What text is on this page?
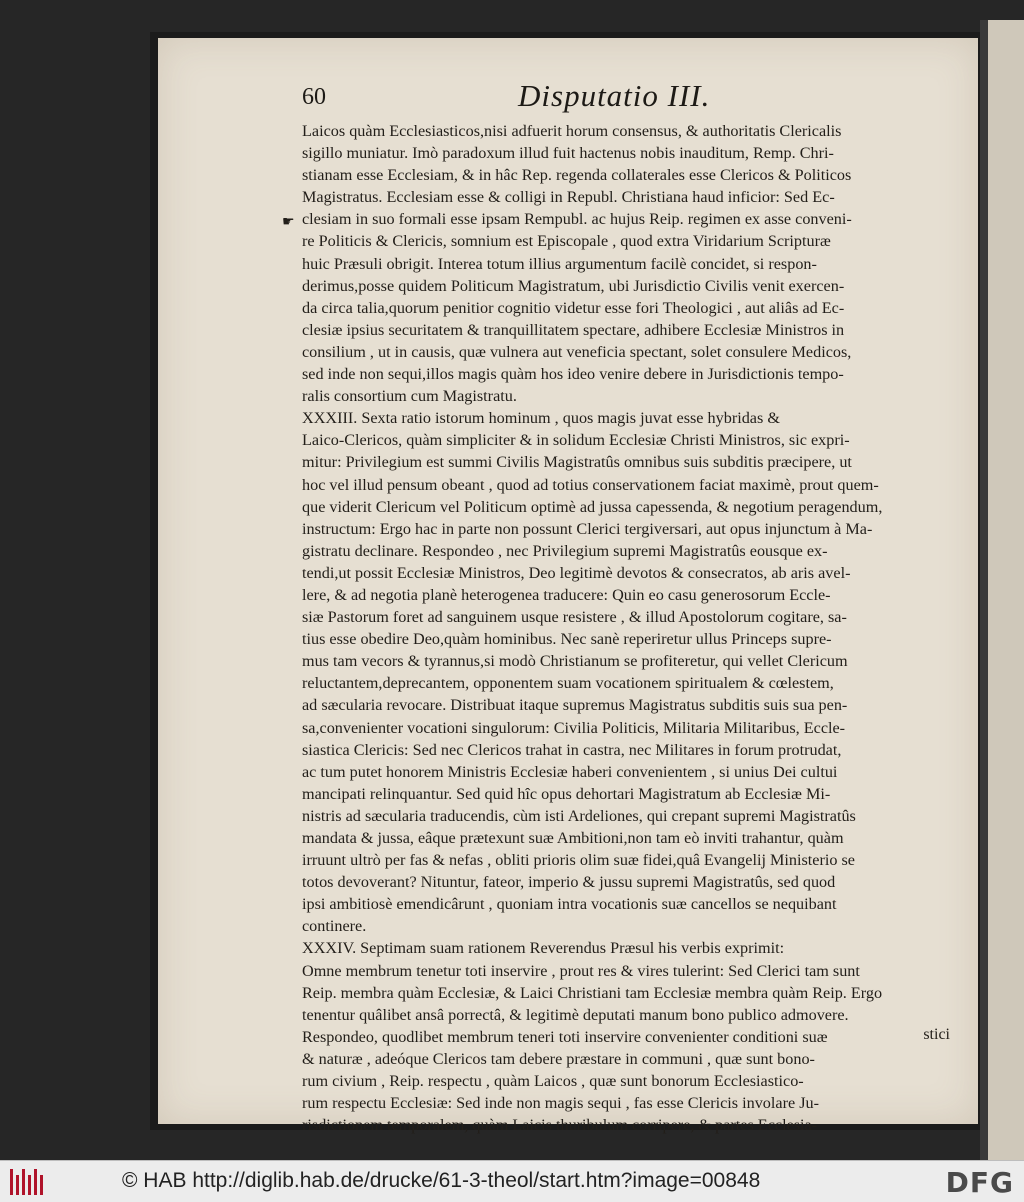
60	Disputatio III.
☛
Laicos quàm Ecclesiasticos,nisi adfuerit horum consensus, & authoritatis Clericalis
sigillo muniatur. Imò paradoxum illud fuit hactenus nobis inauditum, Remp. Chri-
stianam esse Ecclesiam, & in hâc Rep. regenda collaterales esse Clericos & Politicos
Magistratus. Ecclesiam esse & colligi in Republ. Christiana haud inficior: Sed Ec-
clesiam in suo formali esse ipsam Rempubl. ac hujus Reip. regimen ex asse conveni-
re Politicis & Clericis, somnium est Episcopale , quod extra Viridarium Scripturæ
huic Præsuli obrigit. Interea totum illius argumentum facilè concidet, si respon-
derimus,posse quidem Politicum Magistratum, ubi Jurisdictio Civilis venit exercen-
da circa talia,quorum penitior cognitio videtur esse fori Theologici , aut aliâs ad Ec-
clesiæ ipsius securitatem & tranquillitatem spectare, adhibere Ecclesiæ Ministros in
consilium , ut in causis, quæ vulnera aut veneficia spectant, solet consulere Medicos,
sed inde non sequi,illos magis quàm hos ideo venire debere in Jurisdictionis tempo-
ralis consortium cum Magistratu.
XXXIII. Sexta ratio istorum hominum , quos magis juvat esse hybridas &
Laico-Clericos, quàm simpliciter & in solidum Ecclesiæ Christi Ministros, sic expri-
mitur: Privilegium est summi Civilis Magistratûs omnibus suis subditis præcipere, ut
hoc vel illud pensum obeant , quod ad totius conservationem faciat maximè, prout quem-
que viderit Clericum vel Politicum optimè ad jussa capessenda, & negotium peragendum,
instructum: Ergo hac in parte non possunt Clerici tergiversari, aut opus injunctum à Ma-
gistratu declinare. Respondeo , nec Privilegium supremi Magistratûs eousque ex-
tendi,ut possit Ecclesiæ Ministros, Deo legitimè devotos & consecratos, ab aris avel-
lere, & ad negotia planè heterogenea traducere: Quin eo casu generosorum Eccle-
siæ Pastorum foret ad sanguinem usque resistere , & illud Apostolorum cogitare, sa-
tius esse obedire Deo,quàm hominibus. Nec sanè reperiretur ullus Princeps supre-
mus tam vecors & tyrannus,si modò Christianum se profiteretur, qui vellet Clericum
reluctantem,deprecantem, opponentem suam vocationem spiritualem & cœlestem,
ad sæcularia revocare. Distribuat itaque supremus Magistratus subditis suis sua pen-
sa,convenienter vocationi singulorum: Civilia Politicis, Militaria Militaribus, Eccle-
siastica Clericis: Sed nec Clericos trahat in castra, nec Militares in forum protrudat,
ac tum putet honorem Ministris Ecclesiæ haberi convenientem , si unius Dei cultui
mancipati relinquantur. Sed quid hîc opus dehortari Magistratum ab Ecclesiæ Mi-
nistris ad sæcularia traducendis, cùm isti Ardeliones, qui crepant supremi Magistratûs
mandata & jussa, eâque prætexunt suæ Ambitioni,non tam eò inviti trahantur, quàm
irruunt ultrò per fas & nefas , obliti prioris olim suæ fidei,quâ Evangelij Ministerio se
totos devoverant? Nituntur, fateor, imperio & jussu supremi Magistratûs, sed quod
ipsi ambitiosè emendicârunt , quoniam intra vocationis suæ cancellos se nequibant
continere.
XXXIV. Septimam suam rationem Reverendus Præsul his verbis exprimit:
Omne membrum tenetur toti inservire , prout res & vires tulerint: Sed Clerici tam sunt
Reip. membra quàm Ecclesiæ, & Laici Christiani tam Ecclesiæ membra quàm Reip. Ergo
tenentur quâlibet ansâ porrectâ, & legitimè deputati manum bono publico admovere.
Respondeo, quodlibet membrum teneri toti inservire convenienter conditioni suæ
& naturæ , adeóque Clericos tam debere præstare in communi , quæ sunt bono-
rum civium , Reip. respectu , quàm Laicos , quæ sunt bonorum Ecclesiastico-
rum respectu Ecclesiæ: Sed inde non magis sequi , fas esse Clericis involare Ju-
risdictionem temporalem, quàm Laicis thuribulum corripere, & partes Ecclesia-
stici
© HAB http://diglib.hab.de/drucke/61-3-theol/start.htm?image=00848	DFG
